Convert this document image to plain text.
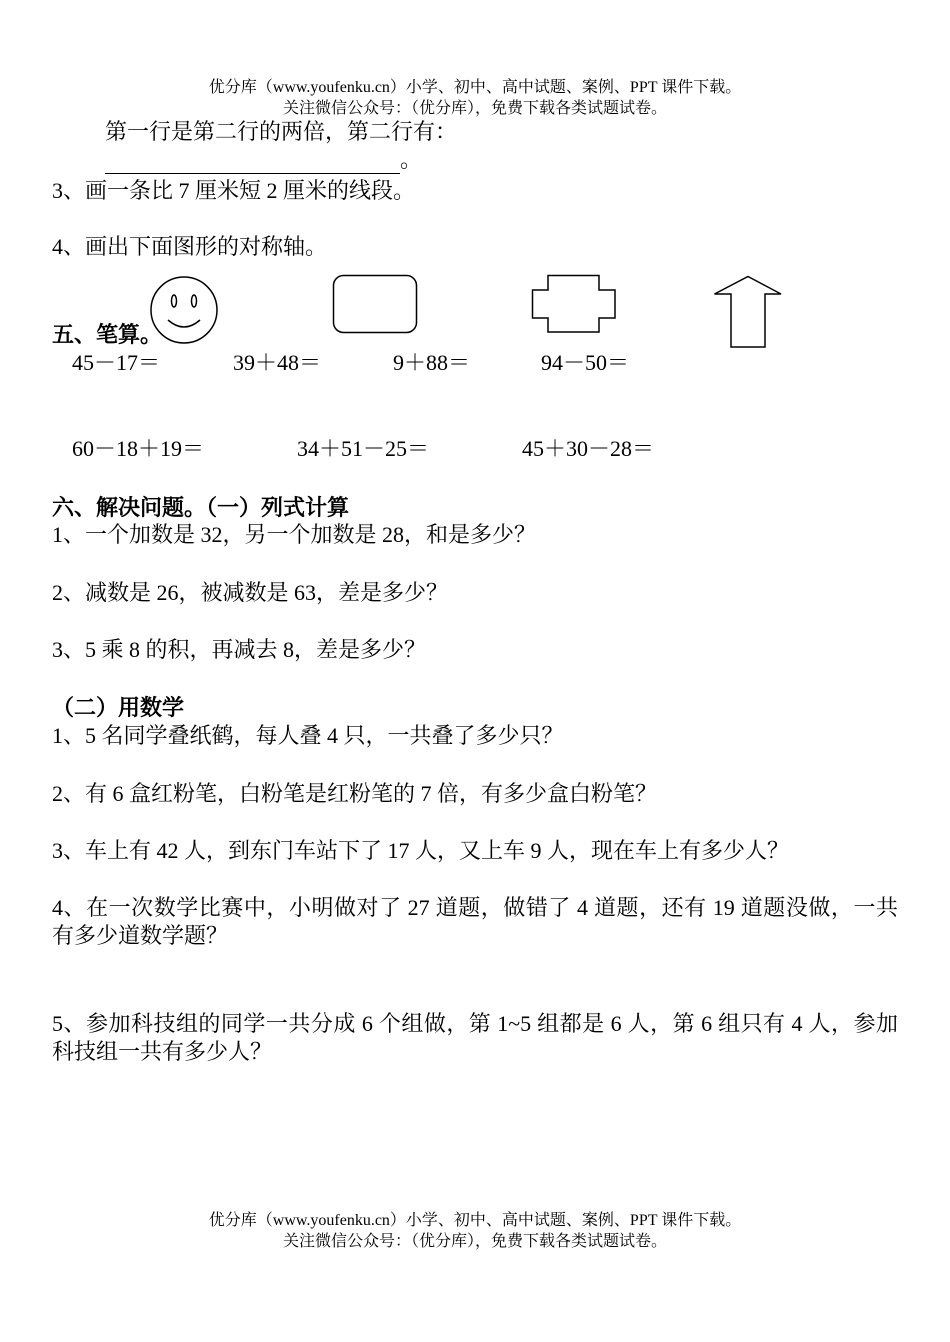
优分库（www.youfenku.cn）小学、初中、高中试题、案例、PPT 课件下载。
关注微信公众号：（优分库），免费下载各类试题试卷。
第一行是第二行的两倍，第二行有：
。
3、画一条比 7 厘米短 2 厘米的线段。
4、画出下面图形的对称轴。
五、笔算。
45－17＝	39＋48＝	9＋88＝	94－50＝
60－18＋19＝	34＋51－25＝	45＋30－28＝
六、解决问题。（一）列式计算
1、一个加数是 32，另一个加数是 28，和是多少？
2、减数是 26，被减数是 63，差是多少？
3、5 乘 8 的积，再减去 8，差是多少？
（二）用数学
1、5 名同学叠纸鹤，每人叠 4 只，一共叠了多少只？
2、有 6 盒红粉笔，白粉笔是红粉笔的 7 倍，有多少盒白粉笔？
3、车上有 42 人，到东门车站下了 17 人，又上车 9 人，现在车上有多少人？
4、在一次数学比赛中，小明做对了 27 道题，做错了 4 道题，还有 19 道题没做，一共有多少道数学题？
5、参加科技组的同学一共分成 6 个组做，第 1~5 组都是 6 人，第 6 组只有 4 人，参加科技组一共有多少人？
优分库（www.youfenku.cn）小学、初中、高中试题、案例、PPT 课件下载。
关注微信公众号：（优分库），免费下载各类试题试卷。
